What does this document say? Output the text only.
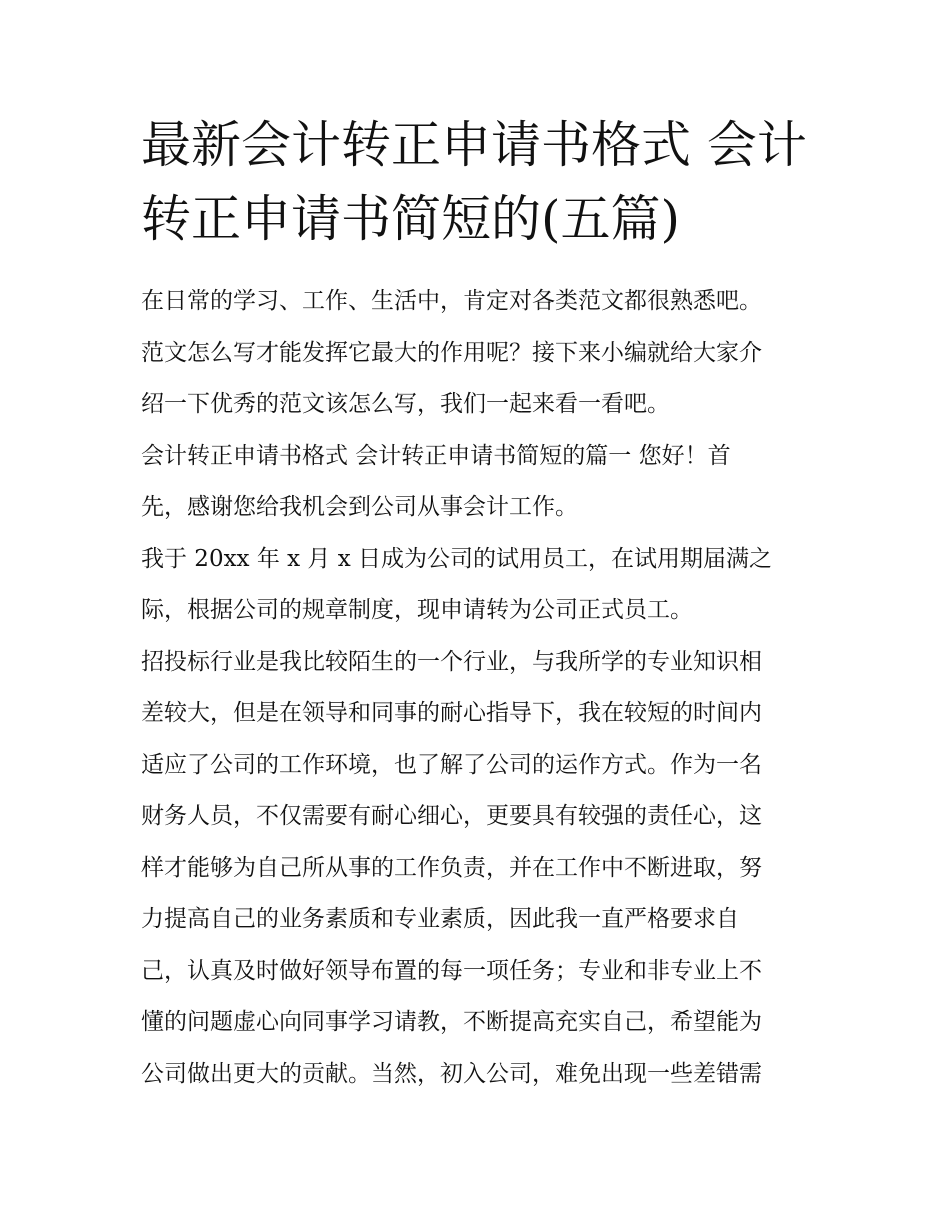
最新会计转正申请书格式 会计
转正申请书简短的(五篇)
在日常的学习、工作、生活中，肯定对各类范文都很熟悉吧。
范文怎么写才能发挥它最大的作用呢？接下来小编就给大家介
绍一下优秀的范文该怎么写，我们一起来看一看吧。
会计转正申请书格式 会计转正申请书简短的篇一 您好！首
先，感谢您给我机会到公司从事会计工作。
我于 20xx 年 x 月 x 日成为公司的试用员工，在试用期届满之
际，根据公司的规章制度，现申请转为公司正式员工。
招投标行业是我比较陌生的一个行业，与我所学的专业知识相
差较大，但是在领导和同事的耐心指导下，我在较短的时间内
适应了公司的工作环境，也了解了公司的运作方式。作为一名
财务人员，不仅需要有耐心细心，更要具有较强的责任心，这
样才能够为自己所从事的工作负责，并在工作中不断进取，努
力提高自己的业务素质和专业素质，因此我一直严格要求自
己，认真及时做好领导布置的每一项任务；专业和非专业上不
懂的问题虚心向同事学习请教，不断提高充实自己，希望能为
公司做出更大的贡献。当然，初入公司，难免出现一些差错需
